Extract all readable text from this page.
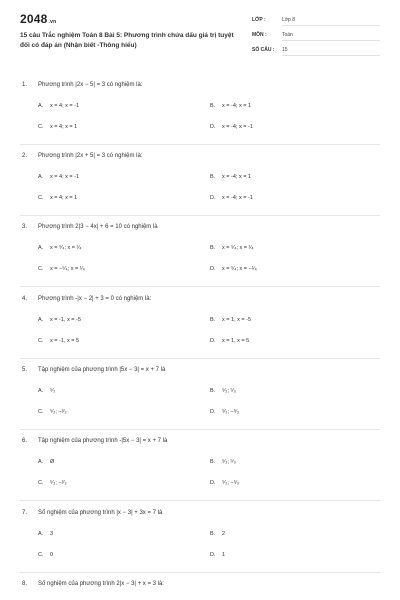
2048.vn
15 câu Trắc nghiệm Toán 8 Bài 5: Phương trình chứa dấu giá trị tuyệt đối có đáp án (Nhận biết -Thông hiểu)
LỚP :	Lớp 8
MÔN :	Toán
SỐ CÂU : 15
1. Phương trình |2x − 5| = 3 có nghiệm là:
A. x = 4; x = -1	B. x = -4; x = 1
C. x = 4; x = 1	D. x = -4; x = -1
2. Phương trình |2x + 5| = 3 có nghiệm là:
A. x = 4; x = -1	B. x = -4; x = 1
C. x = 4; x = 1	D. x = -4; x = -1
3. Phương trình 2|3 − 4x| + 6 = 10 có nghiệm là
A. x = ⁵⁄₄; x = ¹⁄₄	B. x = ⁵⁄₄; x = ¹⁄₄
C. x = −⁵⁄₄; x = ¹⁄₄	D. x = ⁵⁄₄; x = −¹⁄₄
4. Phương trình -|x − 2| + 3 = 0 có nghiệm là:
A. x = -1, x = -5	B. x = 1, x = -5
C. x = -1, x = 5	D. x = 1, x = 5
5. Tập nghiệm của phương trình |5x − 3| = x + 7 là
A. ⁵⁄₂	B. ⁵⁄₂; ⁵⁄₃
C. ⁵⁄₂; −²⁄₃	D. ⁵⁄₂; −⁵⁄₃
6. Tập nghiệm của phương trình -|5x − 3| = x + 7 là
A. Ø	B. ⁵⁄₂; ⁵⁄₃
C. ⁵⁄₂; −²⁄₃	D. ⁵⁄₂; −⁵⁄₃
7. Số nghiệm của phương trình |x − 3| + 3x = 7 là
A. 3	B. 2
C. 0	D. 1
8. Số nghiệm của phương trình 2|x − 3| + x = 3 là:
